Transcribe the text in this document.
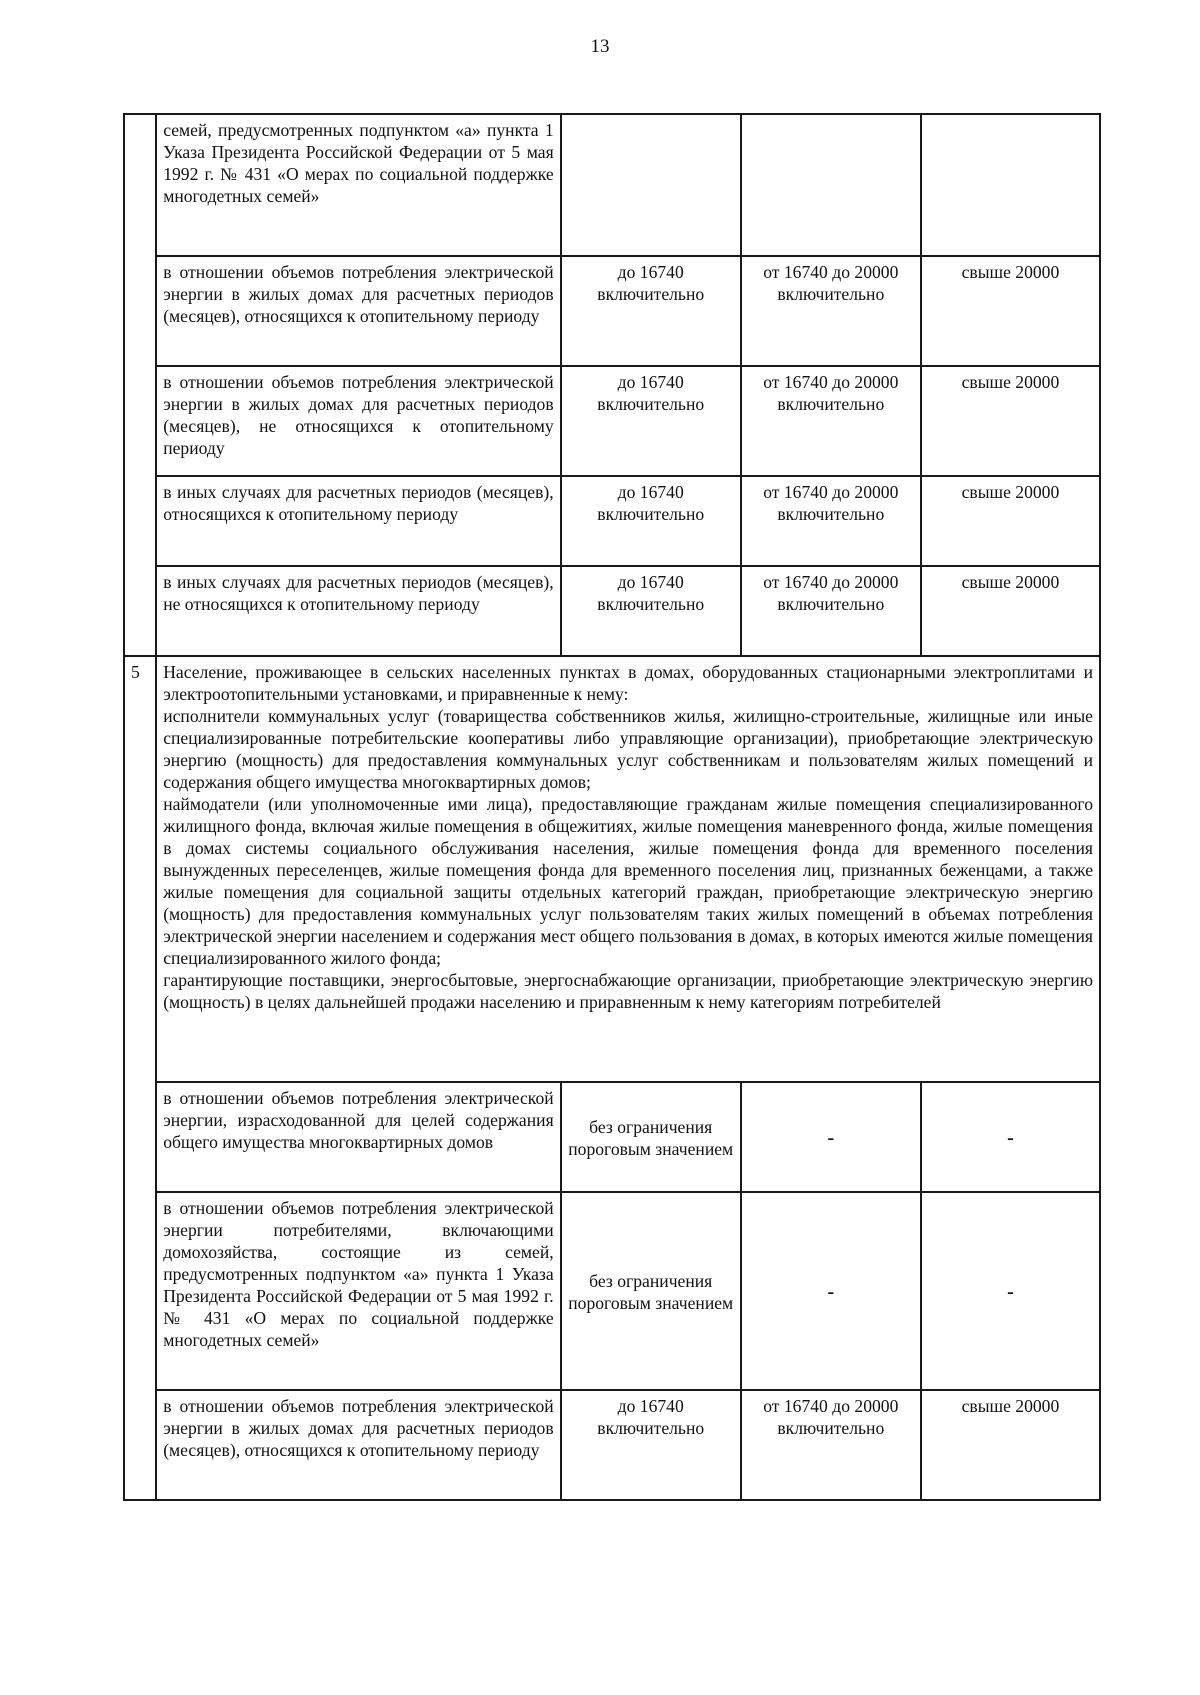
13
	семей, предусмотренных подпунктом «а» пункта 1 Указа Президента Российской Федерации от 5 мая 1992 г. № 431 «О мерах по социальной поддержке многодетных семей»			
	в отношении объемов потребления электрической энергии в жилых домах для расчетных периодов (месяцев), относящихся к отопительному периоду	до 16740 включительно	от 16740 до 20000 включительно	свыше 20000
	в отношении объемов потребления электрической энергии в жилых домах для расчетных периодов (месяцев), не относящихся к отопительному периоду	до 16740 включительно	от 16740 до 20000 включительно	свыше 20000
	в иных случаях для расчетных периодов (месяцев), относящихся к отопительному периоду	до 16740 включительно	от 16740 до 20000 включительно	свыше 20000
	в иных случаях для расчетных периодов (месяцев), не относящихся к отопительному периоду	до 16740 включительно	от 16740 до 20000 включительно	свыше 20000
5	Население, проживающее в сельских населенных пунктах в домах, оборудованных стационарными электроплитами и электроотопительными установками, и приравненные к нему:
исполнители коммунальных услуг (товарищества собственников жилья, жилищно-строительные, жилищные или иные специализированные потребительские кооперативы либо управляющие организации), приобретающие электрическую энергию (мощность) для предоставления коммунальных услуг собственникам и пользователям жилых помещений и содержания общего имущества многоквартирных домов;
наймодатели (или уполномоченные ими лица), предоставляющие гражданам жилые помещения специализированного жилищного фонда, включая жилые помещения в общежитиях, жилые помещения маневренного фонда, жилые помещения в домах системы социального обслуживания населения, жилые помещения фонда для временного поселения вынужденных переселенцев, жилые помещения фонда для временного поселения лиц, признанных беженцами, а также жилые помещения для социальной защиты отдельных категорий граждан, приобретающие электрическую энергию (мощность) для предоставления коммунальных услуг пользователям таких жилых помещений в объемах потребления электрической энергии населением и содержания мест общего пользования в домах, в которых имеются жилые помещения специализированного жилого фонда;
гарантирующие поставщики, энергосбытовые, энергоснабжающие организации, приобретающие электрическую энергию (мощность) в целях дальнейшей продажи населению и приравненным к нему категориям потребителей			

	в отношении объемов потребления электрической энергии, израсходованной для целей содержания общего имущества многоквартирных домов	без ограничения пороговым значением	-	-
	в отношении объемов потребления электрической энергии потребителями, включающими домохозяйства, состоящие из семей, предусмотренных подпунктом «а» пункта 1 Указа Президента Российской Федерации от 5 мая 1992 г. № 431 «О мерах по социальной поддержке многодетных семей»	без ограничения пороговым значением	-	-
	в отношении объемов потребления электрической энергии в жилых домах для расчетных периодов (месяцев), относящихся к отопительному периоду	до 16740 включительно	от 16740 до 20000 включительно	свыше 20000
